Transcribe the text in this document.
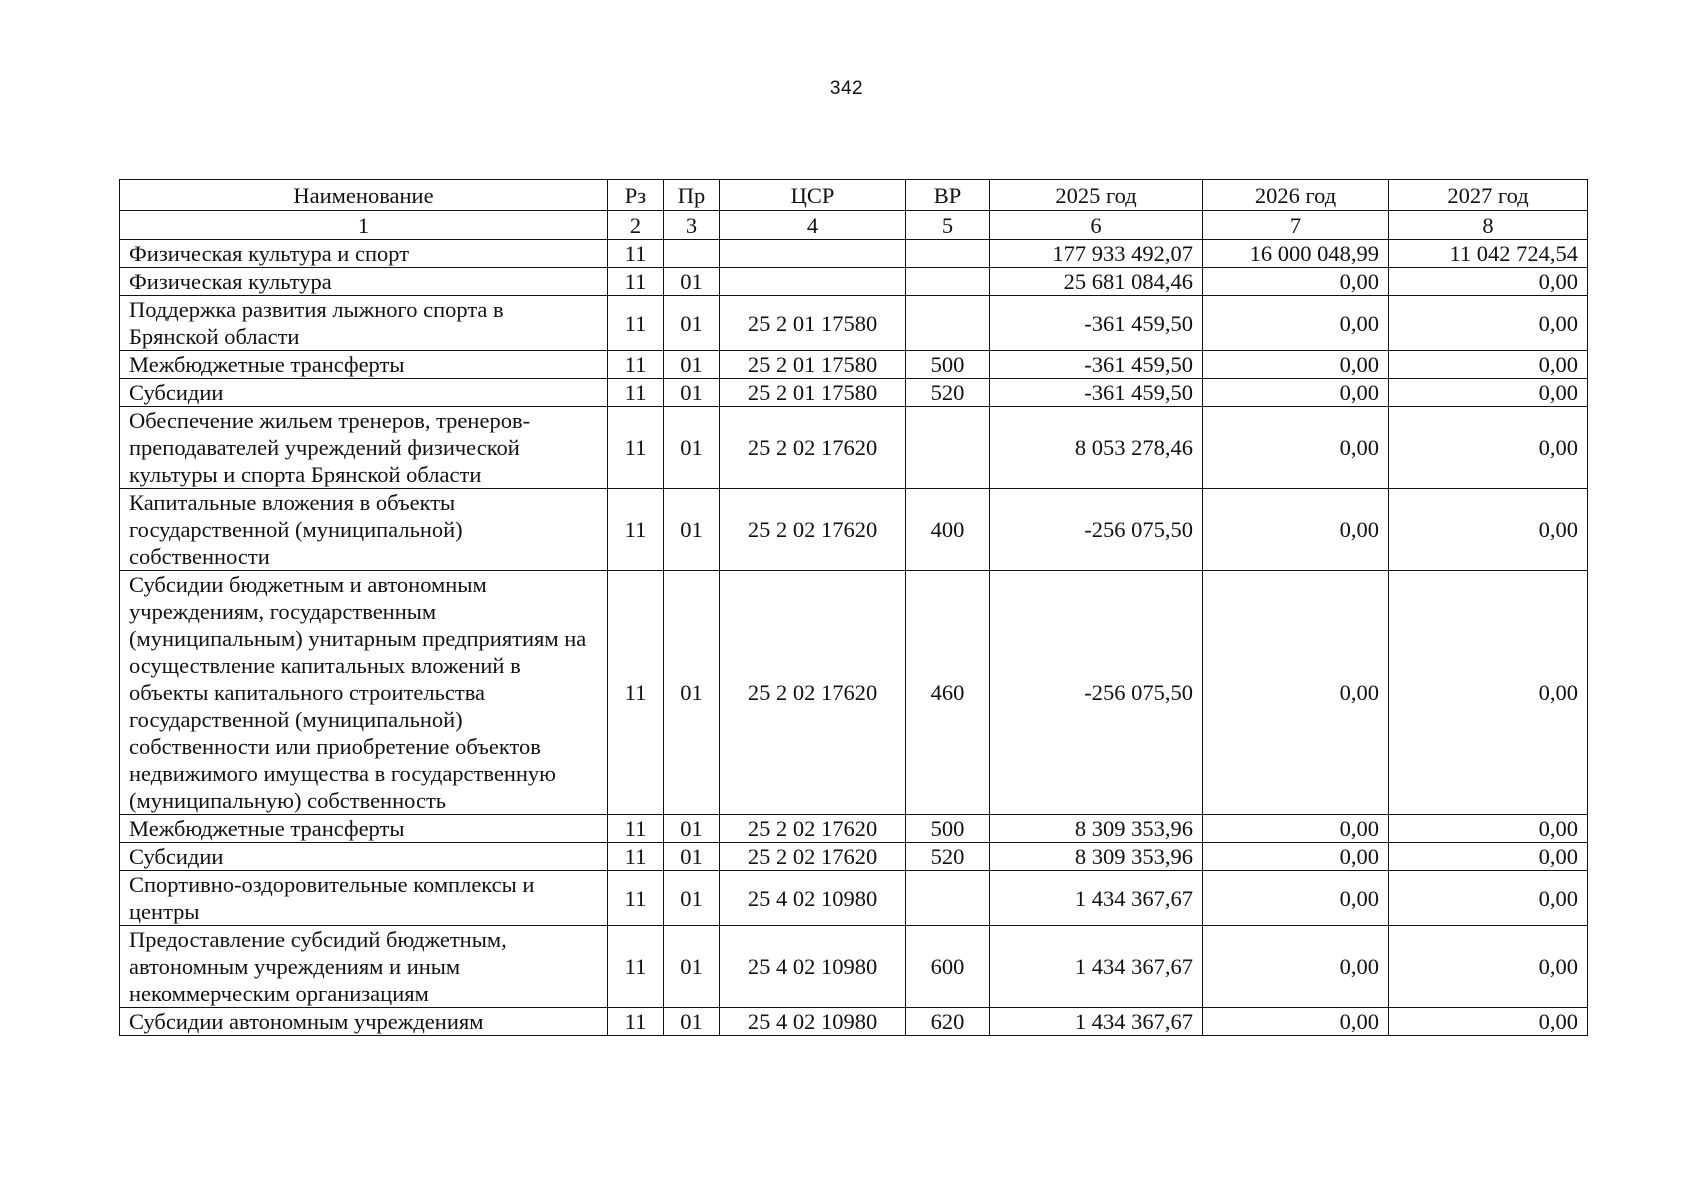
342
Наименование	Рз	Пр	ЦСР	ВР	2025 год	2026 год	2027 год
1	2	3	4	5	6	7	8
Физическая культура и спорт	11				177 933 492,07	16 000 048,99	11 042 724,54
Физическая культура	11	01			25 681 084,46	0,00	0,00
Поддержка развития лыжного спорта в Брянской области	11	01	25 2 01 17580		-361 459,50	0,00	0,00
Межбюджетные трансферты	11	01	25 2 01 17580	500	-361 459,50	0,00	0,00
Субсидии	11	01	25 2 01 17580	520	-361 459,50	0,00	0,00
Обеспечение жильем тренеров, тренеров-преподавателей учреждений физической культуры и спорта Брянской области	11	01	25 2 02 17620		8 053 278,46	0,00	0,00
Капитальные вложения в объекты государственной (муниципальной) собственности	11	01	25 2 02 17620	400	-256 075,50	0,00	0,00
Субсидии бюджетным и автономным учреждениям, государственным (муниципальным) унитарным предприятиям на осуществление капитальных вложений в объекты капитального строительства государственной (муниципальной) собственности или приобретение объектов недвижимого имущества в государственную (муниципальную) собственность	11	01	25 2 02 17620	460	-256 075,50	0,00	0,00
Межбюджетные трансферты	11	01	25 2 02 17620	500	8 309 353,96	0,00	0,00
Субсидии	11	01	25 2 02 17620	520	8 309 353,96	0,00	0,00
Спортивно-оздоровительные комплексы и центры	11	01	25 4 02 10980		1 434 367,67	0,00	0,00
Предоставление субсидий бюджетным, автономным учреждениям и иным некоммерческим организациям	11	01	25 4 02 10980	600	1 434 367,67	0,00	0,00
Субсидии автономным учреждениям	11	01	25 4 02 10980	620	1 434 367,67	0,00	0,00
